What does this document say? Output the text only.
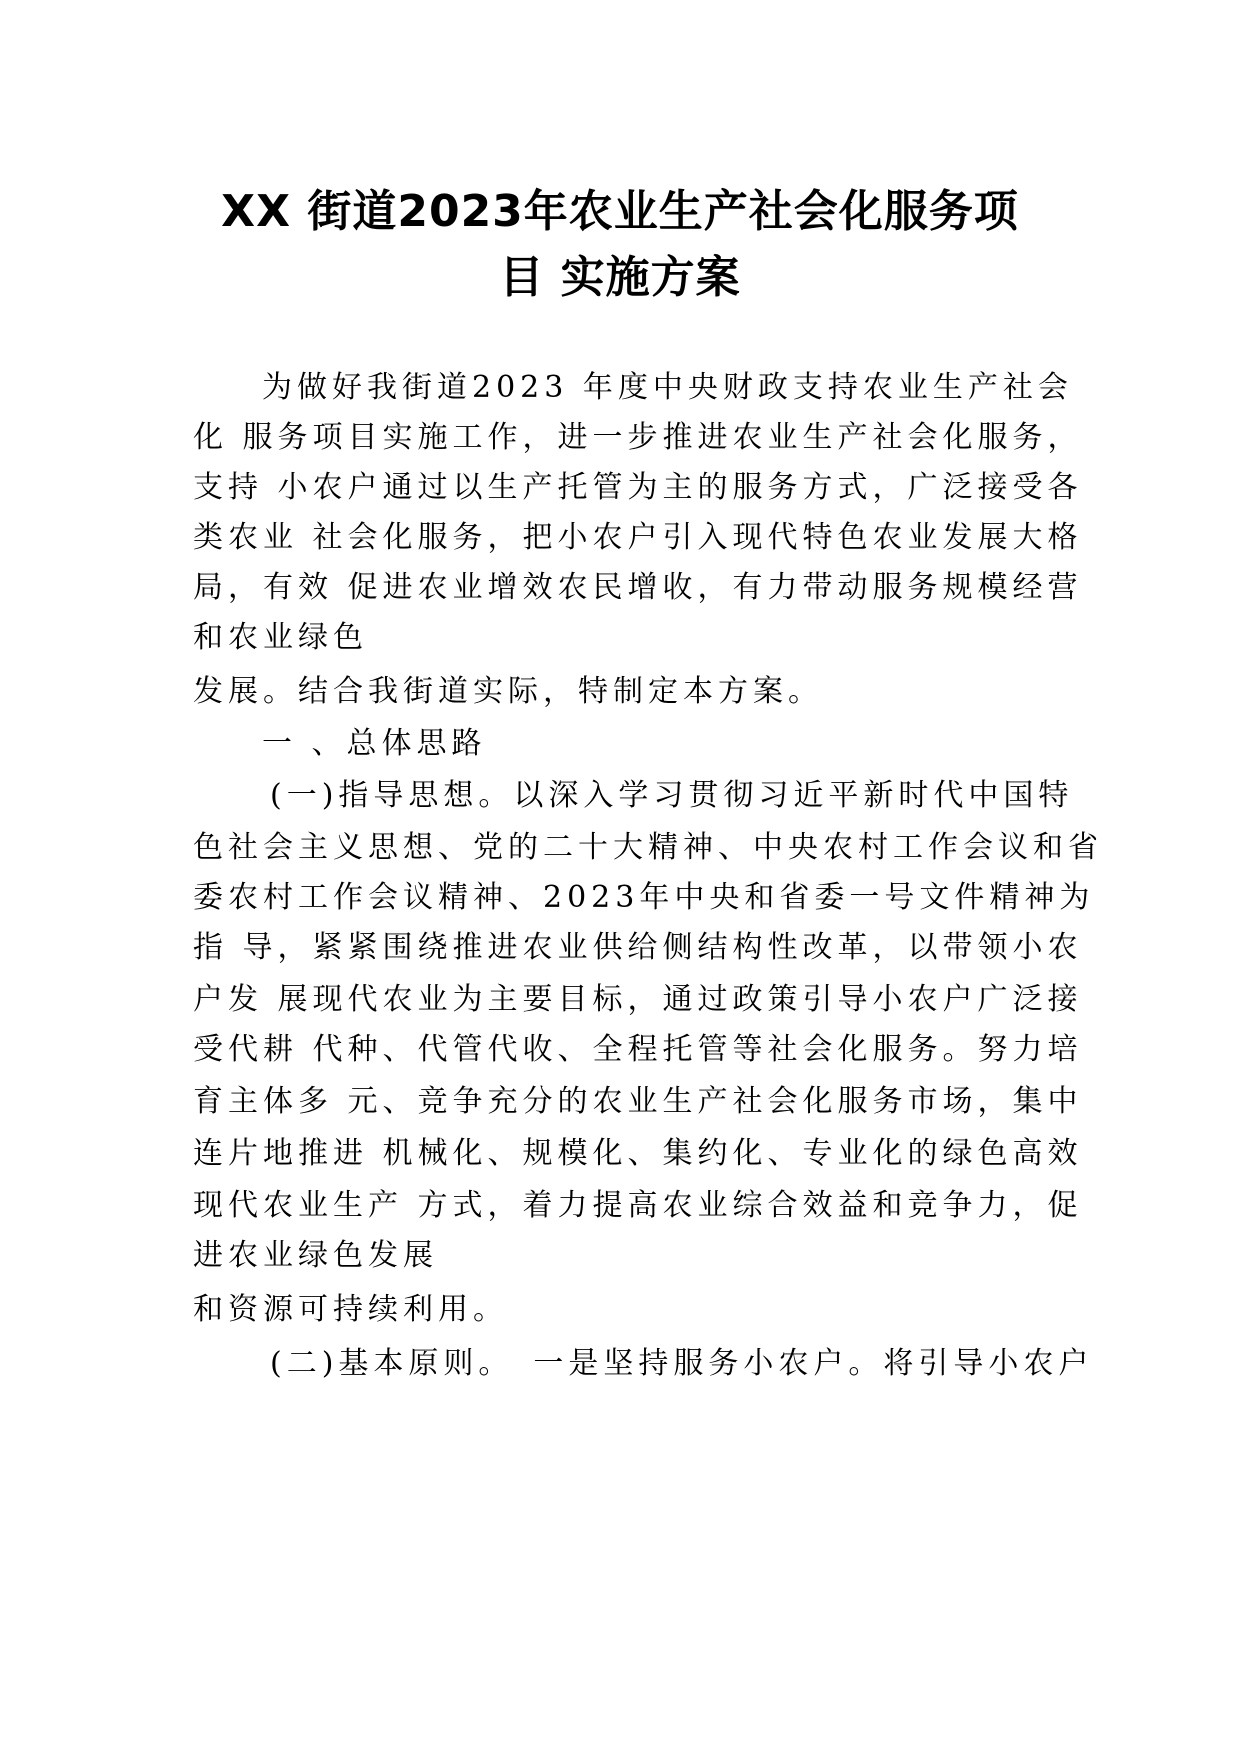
XX 街道2023年农业生产社会化服务项
目 实施方案
为做好我街道2023 年度中央财政支持农业生产社会
化 服务项目实施工作，进一步推进农业生产社会化服务，
支持 小农户通过以生产托管为主的服务方式，广泛接受各
类农业 社会化服务，把小农户引入现代特色农业发展大格
局，有效 促进农业增效农民增收，有力带动服务规模经营
和农业绿色
发展。结合我街道实际，特制定本方案。
一 、总体思路
(一)指导思想。以深入学习贯彻习近平新时代中国特
色社会主义思想、党的二十大精神、中央农村工作会议和省
委农村工作会议精神、2023年中央和省委一号文件精神为
指 导，紧紧围绕推进农业供给侧结构性改革，以带领小农
户发 展现代农业为主要目标，通过政策引导小农户广泛接
受代耕 代种、代管代收、全程托管等社会化服务。努力培
育主体多 元、竞争充分的农业生产社会化服务市场，集中
连片地推进 机械化、规模化、集约化、专业化的绿色高效
现代农业生产 方式，着力提高农业综合效益和竞争力，促
进农业绿色发展
和资源可持续利用。
(二)基本原则。　一是坚持服务小农户。将引导小农户
